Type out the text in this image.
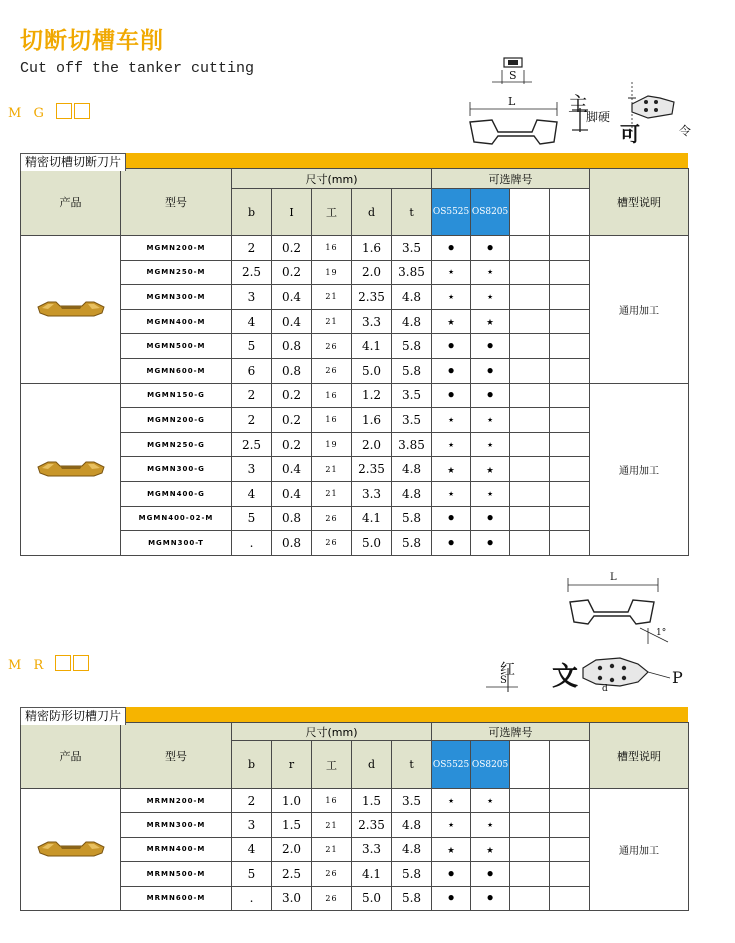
切断切槽车削
Cut off the tanker cutting
M G
S
L	主
脚硬
可	令
精密切槽切断刀片
产品	型号	尺寸(mm)					可选牌号				槽型说明
		b	I	工	d	t	OS5525	OS8205			

	MGMN200-M	2	0.2	16	1.6	3.5	●	●			通用加工
	MGMN250-M	2.5	0.2	19	2.0	3.85	★	★			
	MGMN300-M	3	0.4	21	2.35	4.8	★	★			
	MGMN400-M	4	0.4	21	3.3	4.8	★	★			
	MGMN500-M	5	0.8	26	4.1	5.8	●	●			
	MGMN600-M	6	0.8	26	5.0	5.8	●	●			

	MGMN150-G	2	0.2	16	1.2	3.5	●	●			通用加工
	MGMN200-G	2	0.2	16	1.6	3.5	★	★			
	MGMN250-G	2.5	0.2	19	2.0	3.85	★	★			
	MGMN300-G	3	0.4	21	2.35	4.8	★	★			
	MGMN400-G	4	0.4	21	3.3	4.8	★	★			
	MGMN400-02-M	5	0.8	26	4.1	5.8	●	●			
	MGMN300-T	.	0.8	26	5.0	5.8	●	●			
L
1°
红
S 文	d
P
M R
精密防形切槽刀片
产品	型号	尺寸(mm)					可选牌号				槽型说明
		b	r	工	d	t	OS5525	OS8205			

	MRMN200-M	2	1.0	16	1.5	3.5	★	★			通用加工
	MRMN300-M	3	1.5	21	2.35	4.8	★	★			
	MRMN400-M	4	2.0	21	3.3	4.8	★	★			
	MRMN500-M	5	2.5	26	4.1	5.8	●	●			
	MRMN600-M	.	3.0	26	5.0	5.8	●	●			
